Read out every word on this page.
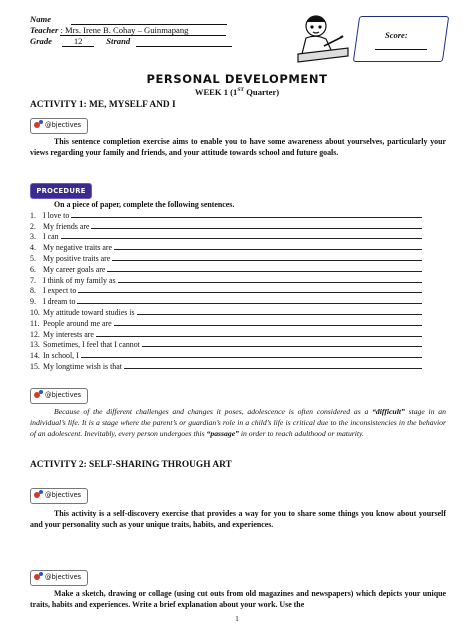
Name
Teacher : Mrs. Irene B. Cohay – Guinmapang
Grade	12	Strand
Score:
PERSONAL DEVELOPMENT
WEEK 1 (1ST Quarter)
ACTIVITY 1: ME, MYSELF AND I
@bjectives
This sentence completion exercise aims to enable you to have some awareness about yourselves, particularly your views regarding your family and friends, and your attitude towards school and future goals.
PROCEDURE
On a piece of paper, complete the following sentences.
1. I love to
2. My friends are
3. I can
4. My negative traits are
5. My positive traits are
6. My career goals are
7. I think of my family as
8. I expect to
9. I dream to
10. My attitude toward studies is
11. People around me are
12. My interests are
13. Sometimes, I feel that I cannot
14. In school, I
15. My longtime wish is that
@bjectives
Because of the different challenges and changes it poses, adolescence is often considered as a “difficult” stage in an individual’s life. It is a stage where the parent’s or guardian’s role in a child’s life is critical due to the inconsistencies in the behavior of an adolescent. Inevitably, every person undergoes this “passage” in order to reach adulthood or maturity.
ACTIVITY 2: SELF-SHARING THROUGH ART
@bjectives
This activity is a self-discovery exercise that provides a way for you to share some things you know about yourself and your personality such as your unique traits, habits, and experiences.
@bjectives
Make a sketch, drawing or collage (using cut outs from old magazines and newspapers) which depicts your unique traits, habits and experiences. Write a brief explanation about your work. Use the
1
